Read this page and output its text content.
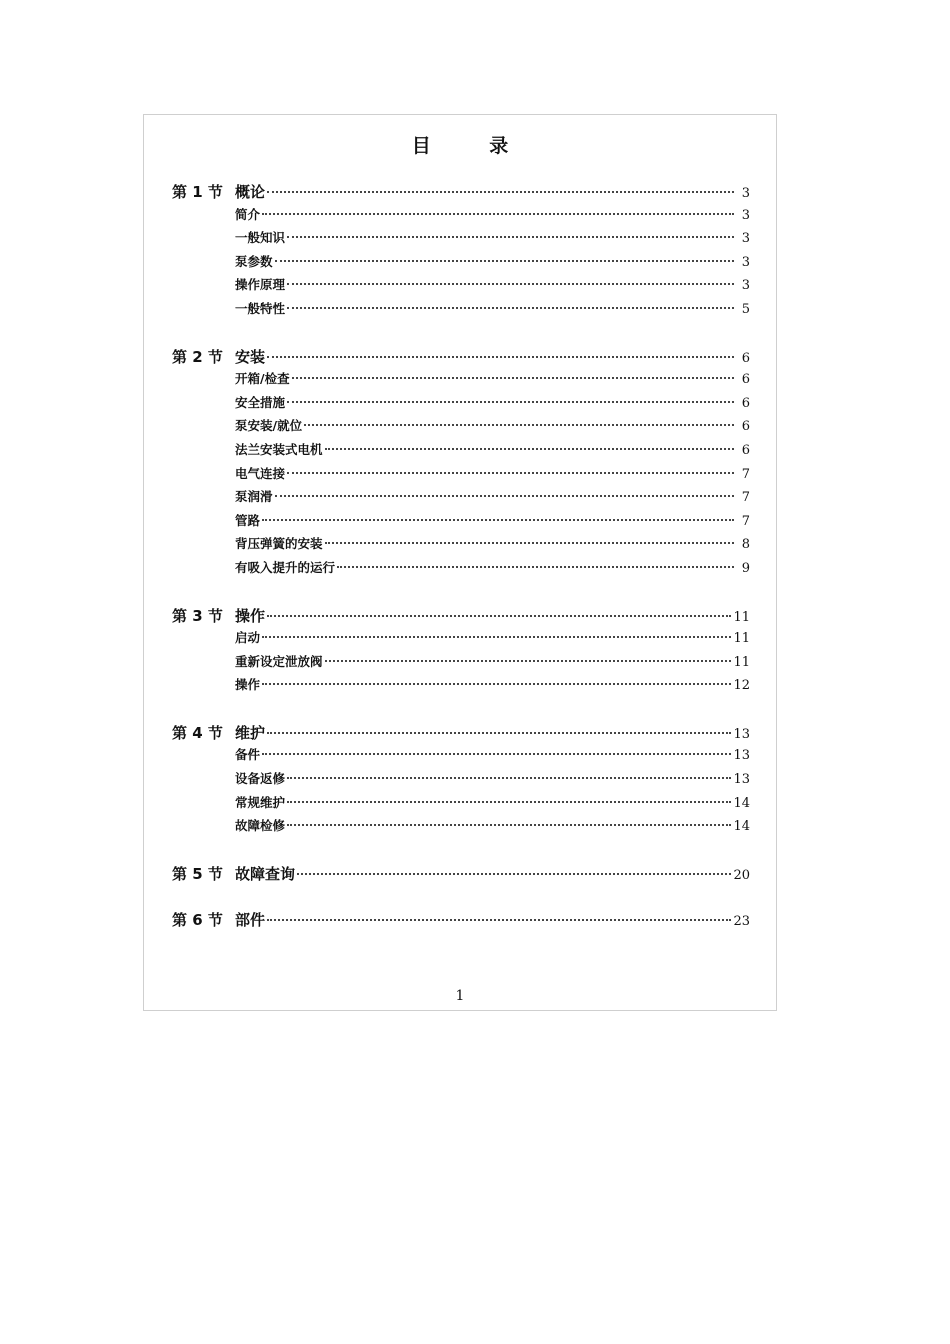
目 录
第 1 节 概论	3
简介	3
一般知识	3
泵参数	3
操作原理	3
一般特性	5
第 2 节 安装	6
开箱/检查	6
安全措施	6
泵安装/就位	6
法兰安装式电机	6
电气连接	7
泵润滑	7
管路	7
背压弹簧的安装	8
有吸入提升的运行	9
第 3 节 操作	11
启动	11
重新设定泄放阀	11
操作	12
第 4 节 维护	13
备件	13
设备返修	13
常规维护	14
故障检修	14
第 5 节 故障查询	20
第 6 节 部件	23
1
